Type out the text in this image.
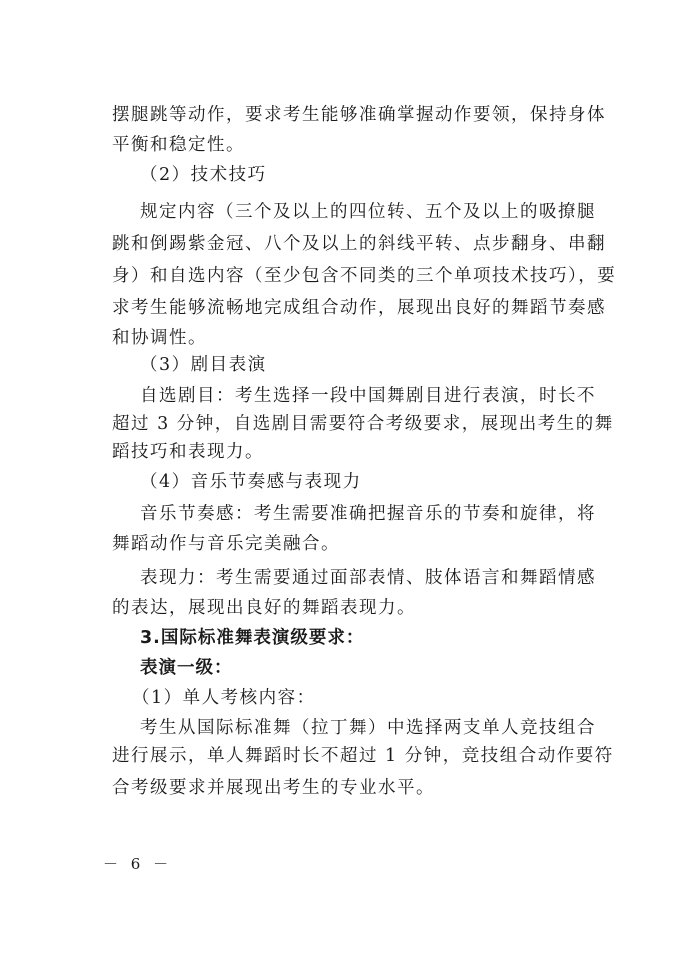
摆腿跳等动作，要求考生能够准确掌握动作要领，保持身体
平衡和稳定性。
（2）技术技巧
规定内容（三个及以上的四位转、五个及以上的吸撩腿
跳和倒踢紫金冠、八个及以上的斜线平转、点步翻身、串翻
身）和自选内容（至少包含不同类的三个单项技术技巧），要
求考生能够流畅地完成组合动作，展现出良好的舞蹈节奏感
和协调性。
（3）剧目表演
自选剧目：考生选择一段中国舞剧目进行表演，时长不
超过 3 分钟，自选剧目需要符合考级要求，展现出考生的舞
蹈技巧和表现力。
（4）音乐节奏感与表现力
音乐节奏感：考生需要准确把握音乐的节奏和旋律，将
舞蹈动作与音乐完美融合。
表现力：考生需要通过面部表情、肢体语言和舞蹈情感
的表达，展现出良好的舞蹈表现力。
3.国际标准舞表演级要求：
表演一级：
（1）单人考核内容：
考生从国际标准舞（拉丁舞）中选择两支单人竞技组合
进行展示，单人舞蹈时长不超过 1 分钟，竞技组合动作要符
合考级要求并展现出考生的专业水平。
－ 6 －
